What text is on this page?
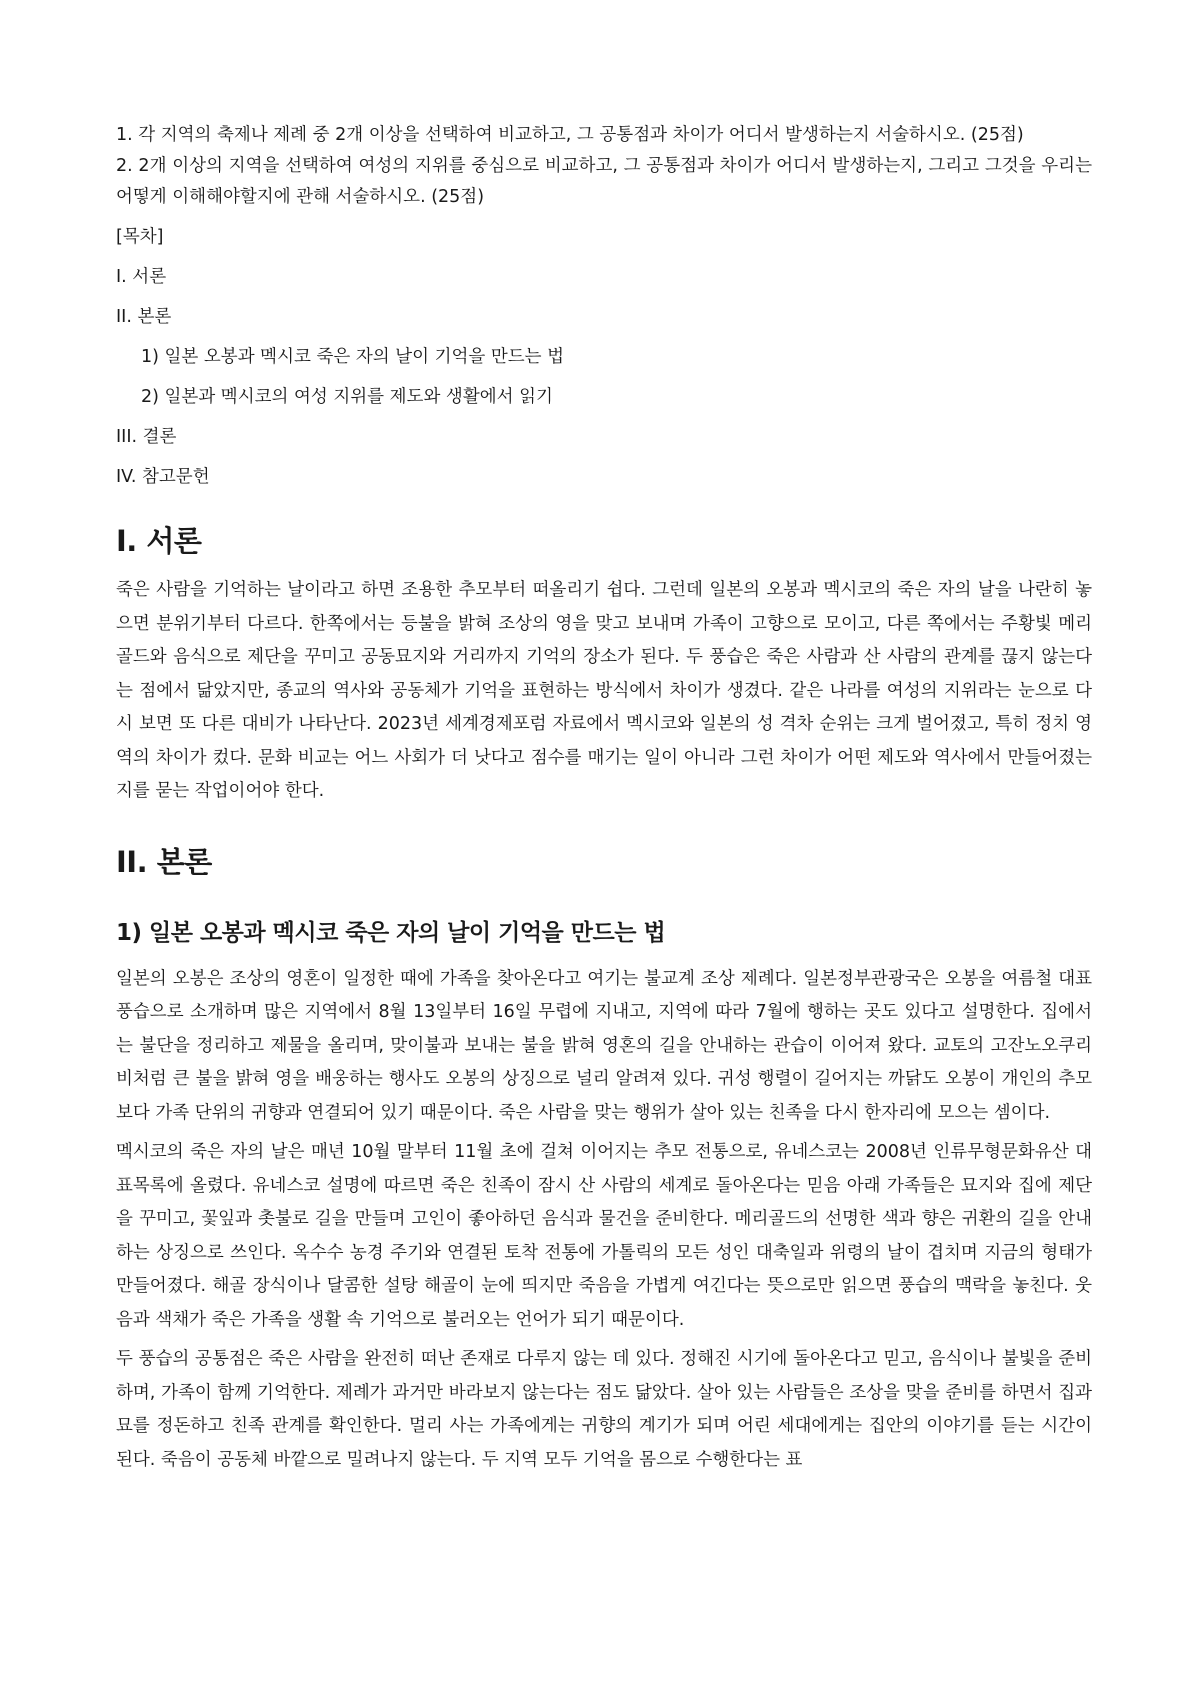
1. 각 지역의 축제나 제례 중 2개 이상을 선택하여 비교하고, 그 공통점과 차이가 어디서 발생하는지 서술하시오. (25점)

2. 2개 이상의 지역을 선택하여 여성의 지위를 중심으로 비교하고, 그 공통점과 차이가 어디서 발생하는지, 그리고 그것을 우리는 어떻게 이해해야할지에 관해 서술하시오. (25점)

[목차]
I. 서론
II. 본론
1) 일본 오봉과 멕시코 죽은 자의 날이 기억을 만드는 법
2) 일본과 멕시코의 여성 지위를 제도와 생활에서 읽기
III. 결론
IV. 참고문헌
I. 서론

죽은 사람을 기억하는 날이라고 하면 조용한 추모부터 떠올리기 쉽다. 그런데 일본의 오봉과 멕시코의 죽은 자의 날을 나란히 놓으면 분위기부터 다르다. 한쪽에서는 등불을 밝혀 조상의 영을 맞고 보내며 가족이 고향으로 모이고, 다른 쪽에서는 주황빛 메리골드와 음식으로 제단을 꾸미고 공동묘지와 거리까지 기억의 장소가 된다. 두 풍습은 죽은 사람과 산 사람의 관계를 끊지 않는다는 점에서 닮았지만, 종교의 역사와 공동체가 기억을 표현하는 방식에서 차이가 생겼다. 같은 나라를 여성의 지위라는 눈으로 다시 보면 또 다른 대비가 나타난다. 2023년 세계경제포럼 자료에서 멕시코와 일본의 성 격차 순위는 크게 벌어졌고, 특히 정치 영역의 차이가 컸다. 문화 비교는 어느 사회가 더 낫다고 점수를 매기는 일이 아니라 그런 차이가 어떤 제도와 역사에서 만들어졌는지를 묻는 작업이어야 한다.

II. 본론
1) 일본 오봉과 멕시코 죽은 자의 날이 기억을 만드는 법

일본의 오봉은 조상의 영혼이 일정한 때에 가족을 찾아온다고 여기는 불교계 조상 제례다. 일본정부관광국은 오봉을 여름철 대표 풍습으로 소개하며 많은 지역에서 8월 13일부터 16일 무렵에 지내고, 지역에 따라 7월에 행하는 곳도 있다고 설명한다. 집에서는 불단을 정리하고 제물을 올리며, 맞이불과 보내는 불을 밝혀 영혼의 길을 안내하는 관습이 이어져 왔다. 교토의 고잔노오쿠리비처럼 큰 불을 밝혀 영을 배웅하는 행사도 오봉의 상징으로 널리 알려져 있다. 귀성 행렬이 길어지는 까닭도 오봉이 개인의 추모보다 가족 단위의 귀향과 연결되어 있기 때문이다. 죽은 사람을 맞는 행위가 살아 있는 친족을 다시 한자리에 모으는 셈이다.

멕시코의 죽은 자의 날은 매년 10월 말부터 11월 초에 걸쳐 이어지는 추모 전통으로, 유네스코는 2008년 인류무형문화유산 대표목록에 올렸다. 유네스코 설명에 따르면 죽은 친족이 잠시 산 사람의 세계로 돌아온다는 믿음 아래 가족들은 묘지와 집에 제단을 꾸미고, 꽃잎과 촛불로 길을 만들며 고인이 좋아하던 음식과 물건을 준비한다. 메리골드의 선명한 색과 향은 귀환의 길을 안내하는 상징으로 쓰인다. 옥수수 농경 주기와 연결된 토착 전통에 가톨릭의 모든 성인 대축일과 위령의 날이 겹치며 지금의 형태가 만들어졌다. 해골 장식이나 달콤한 설탕 해골이 눈에 띄지만 죽음을 가볍게 여긴다는 뜻으로만 읽으면 풍습의 맥락을 놓친다. 웃음과 색채가 죽은 가족을 생활 속 기억으로 불러오는 언어가 되기 때문이다.

두 풍습의 공통점은 죽은 사람을 완전히 떠난 존재로 다루지 않는 데 있다. 정해진 시기에 돌아온다고 믿고, 음식이나 불빛을 준비하며, 가족이 함께 기억한다. 제례가 과거만 바라보지 않는다는 점도 닮았다. 살아 있는 사람들은 조상을 맞을 준비를 하면서 집과 묘를 정돈하고 친족 관계를 확인한다. 멀리 사는 가족에게는 귀향의 계기가 되며 어린 세대에게는 집안의 이야기를 듣는 시간이 된다. 죽음이 공동체 바깥으로 밀려나지 않는다. 두 지역 모두 기억을 몸으로 수행한다는 표
